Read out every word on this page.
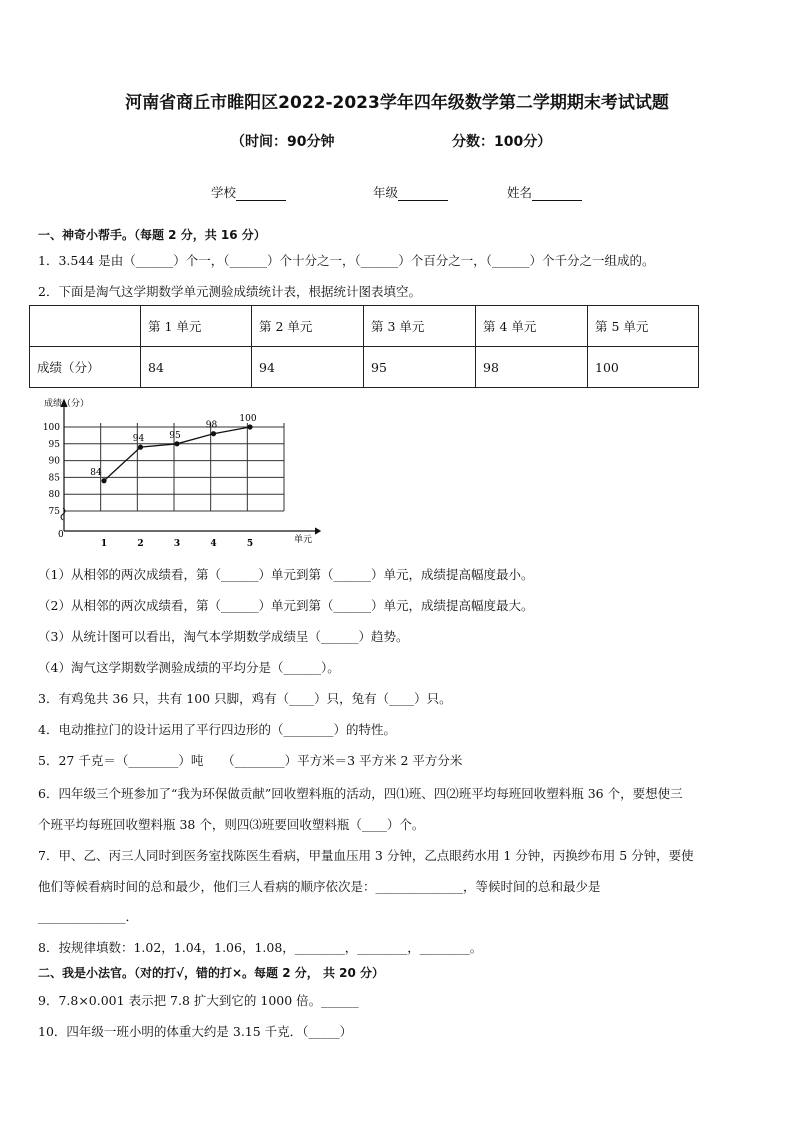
河南省商丘市睢阳区2022-2023学年四年级数学第二学期期末考试试题
（时间：90分钟	分数：100分）
学校	年级	姓名
一、神奇小帮手。（每题 2 分，共 16 分）
1．3.544 是由（______）个一，（______）个十分之一，（______）个百分之一，（______）个千分之一组成的。
2．下面是淘气这学期数学单元测验成绩统计表，根据统计图表填空。
	第 1 单元	第 2 单元	第 3 单元	第 4 单元	第 5 单元
成绩（分）	84	94	95	98	100
100
95
90
85
80
75
1	2	3	4	5
84
94	95
98
100
成绩（分）
单元
0
（1）从相邻的两次成绩看，第（______）单元到第（______）单元，成绩提高幅度最小。
（2）从相邻的两次成绩看，第（______）单元到第（______）单元，成绩提高幅度最大。
（3）从统计图可以看出，淘气本学期数学成绩呈（______）趋势。
（4）淘气这学期数学测验成绩的平均分是（______）。
3．有鸡兔共 36 只，共有 100 只脚，鸡有（____）只，兔有（____）只。
4．电动推拉门的设计运用了平行四边形的（________）的特性。
5．27 千克＝（________）吨　　（________）平方米＝3 平方米 2 平方分米
6．四年级三个班参加了“我为环保做贡献”回收塑料瓶的活动，四⑴班、四⑵班平均每班回收塑料瓶 36 个，要想使三
个班平均每班回收塑料瓶 38 个，则四⑶班要回收塑料瓶（____）个。
7．甲、乙、丙三人同时到医务室找陈医生看病，甲量血压用 3 分钟，乙点眼药水用 1 分钟，丙换纱布用 5 分钟，要使
他们等候看病时间的总和最少，他们三人看病的顺序依次是：______________，等候时间的总和最少是
______________．
8．按规律填数：1.02，1.04，1.06，1.08，________，________，________。
二、我是小法官。（对的打√，错的打×。每题 2 分， 共 20 分）
9．7.8×0.001 表示把 7.8 扩大到它的 1000 倍。______
10．四年级一班小明的体重大约是 3.15 千克．（_____）
